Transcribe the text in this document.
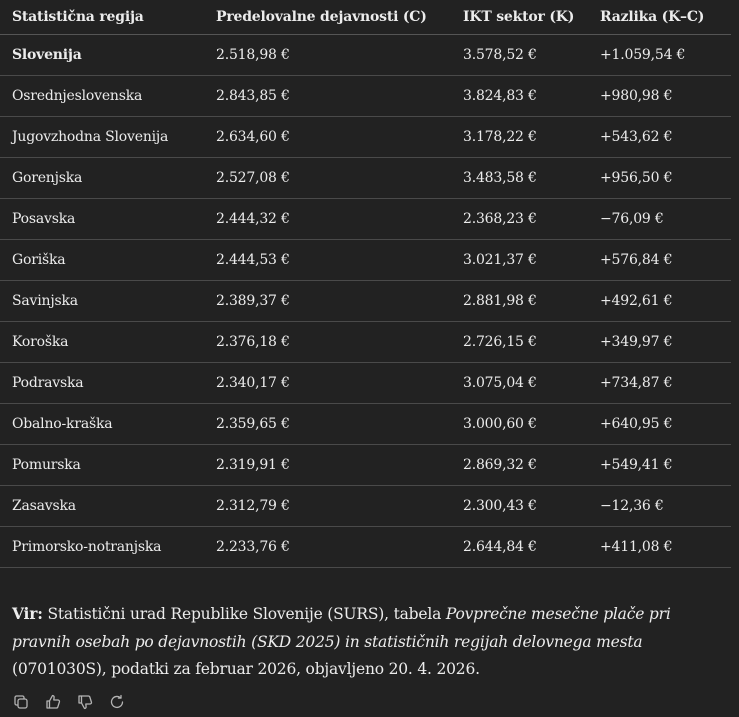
Statistična regija	Predelovalne dejavnosti (C)	IKT sektor (K)	Razlika (K–C)
Slovenija	2.518,98 €	3.578,52 €	+1.059,54 €
Osrednjeslovenska	2.843,85 €	3.824,83 €	+980,98 €
Jugovzhodna Slovenija	2.634,60 €	3.178,22 €	+543,62 €
Gorenjska	2.527,08 €	3.483,58 €	+956,50 €
Posavska	2.444,32 €	2.368,23 €	−76,09 €
Goriška	2.444,53 €	3.021,37 €	+576,84 €
Savinjska	2.389,37 €	2.881,98 €	+492,61 €
Koroška	2.376,18 €	2.726,15 €	+349,97 €
Podravska	2.340,17 €	3.075,04 €	+734,87 €
Obalno-kraška	2.359,65 €	3.000,60 €	+640,95 €
Pomurska	2.319,91 €	2.869,32 €	+549,41 €
Zasavska	2.312,79 €	2.300,43 €	−12,36 €
Primorsko-notranjska	2.233,76 €	2.644,84 €	+411,08 €
Vir: Statistični urad Republike Slovenije (SURS), tabela Povprečne mesečne plače pri pravnih osebah po dejavnostih (SKD 2025) in statističnih regijah delovnega mesta (0701030S), podatki za februar 2026, objavljeno 20. 4. 2026.
